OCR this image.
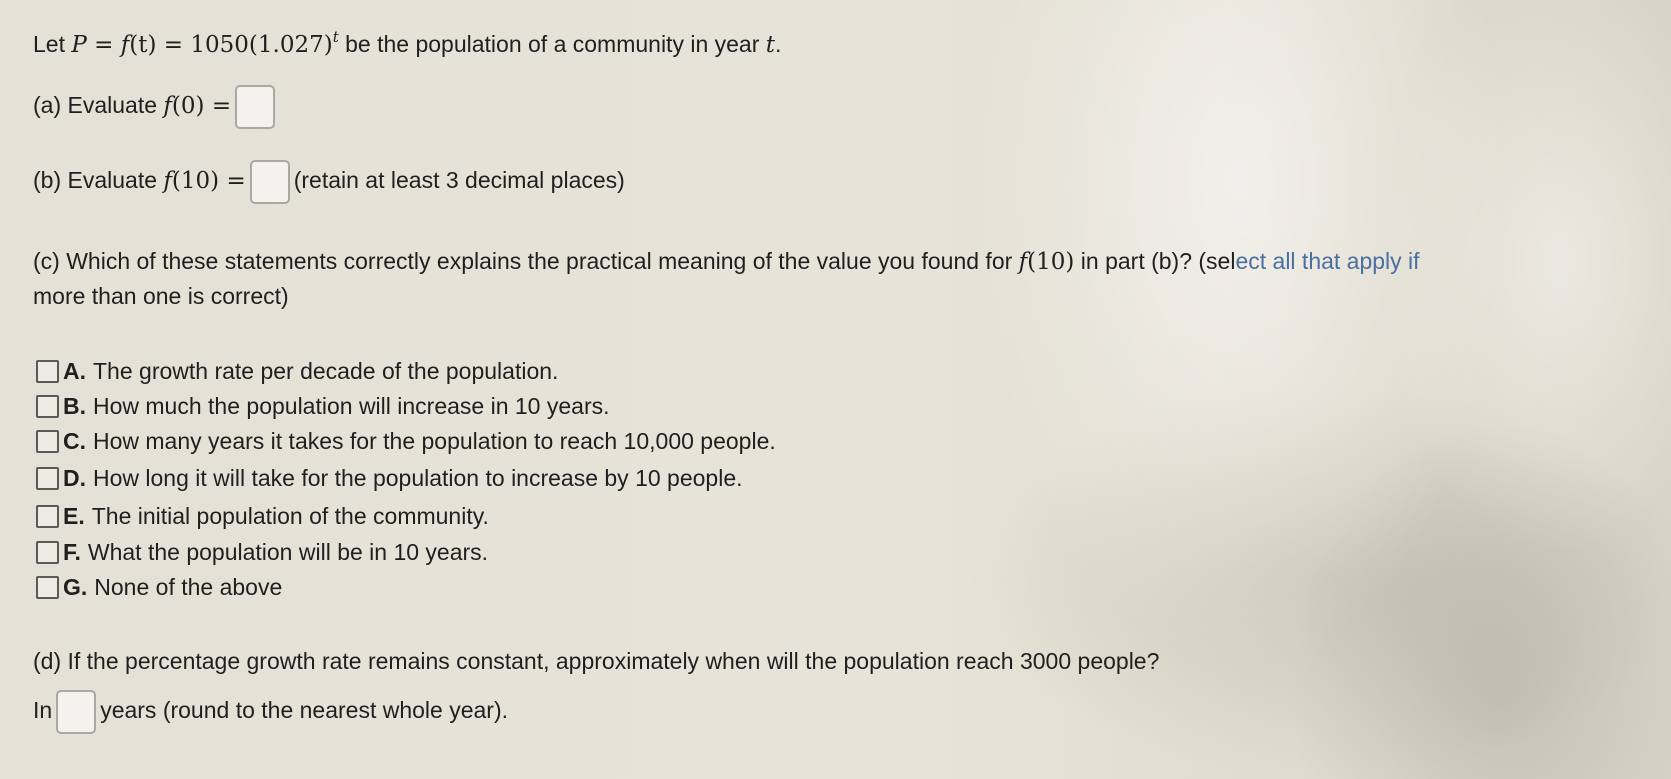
Let $P = f(t) = 1050(1.027)^t$ be the population of a community in year t.
(a) Evaluate f(0) =
(b) Evaluate f(10) = (retain at least 3 decimal places)
(c) Which of these statements correctly explains the practical meaning of the value you found for f(10) in part (b)? (select all that apply if
more than one is correct)
A. The growth rate per decade of the population.
B. How much the population will increase in 10 years.
C. How many years it takes for the population to reach 10,000 people.
D. How long it will take for the population to increase by 10 people.
E. The initial population of the community.
F. What the population will be in 10 years.
G. None of the above
(d) If the percentage growth rate remains constant, approximately when will the population reach 3000 people?
In years (round to the nearest whole year).
